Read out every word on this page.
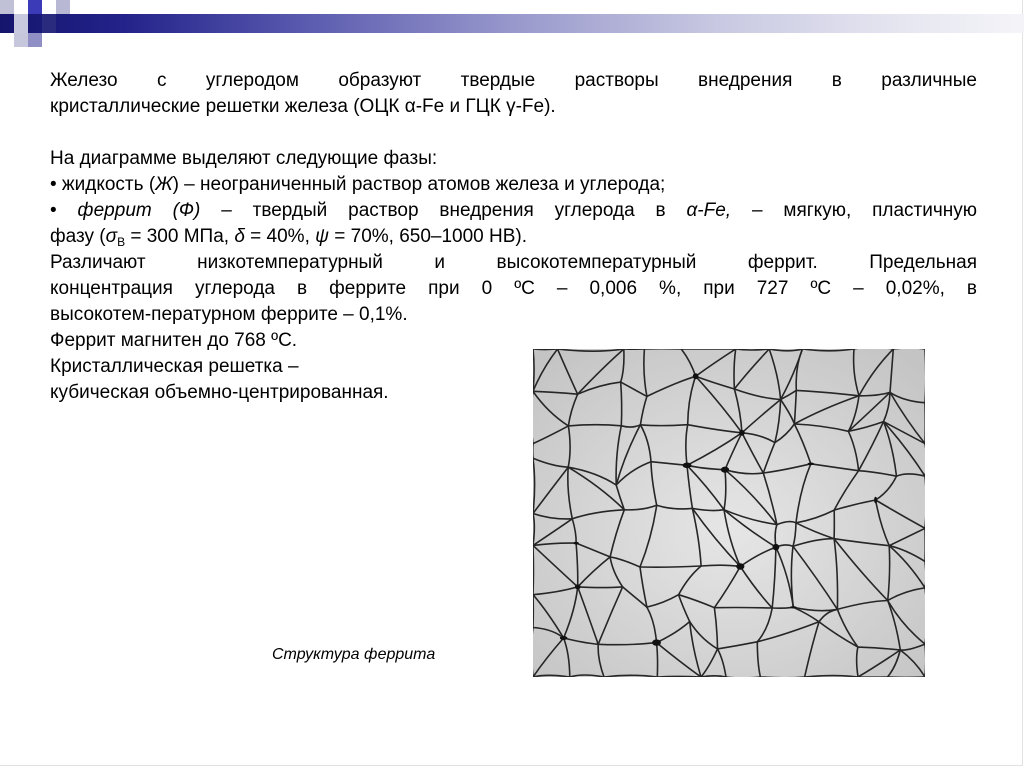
Железо с углеродом образуют твердые растворы внедрения в различные

кристаллические решетки железа (ОЦК α-Fe и ГЦК γ-Fe).

На диаграмме выделяют следующие фазы:

• жидкость (Ж) – неограниченный раствор атомов железа и углерода;

• феррит (Ф) – твердый раствор внедрения углерода в α-Fe, – мягкую, пластичную

фазу ($\sigma_B = 300$ МПа, δ = 40%, ψ = 70%, 650–1000 HB).

Различают низкотемпературный и высокотемпературный феррит. Предельная

концентрация углерода в феррите при 0 ºС – 0,006 %, при 727 ºС – 0,02%, в

высокотем-пературном феррите – 0,1%.

Феррит магнитен до 768 ºС.

Кристаллическая решетка –

кубическая объемно-центрированная.

Структура феррита
